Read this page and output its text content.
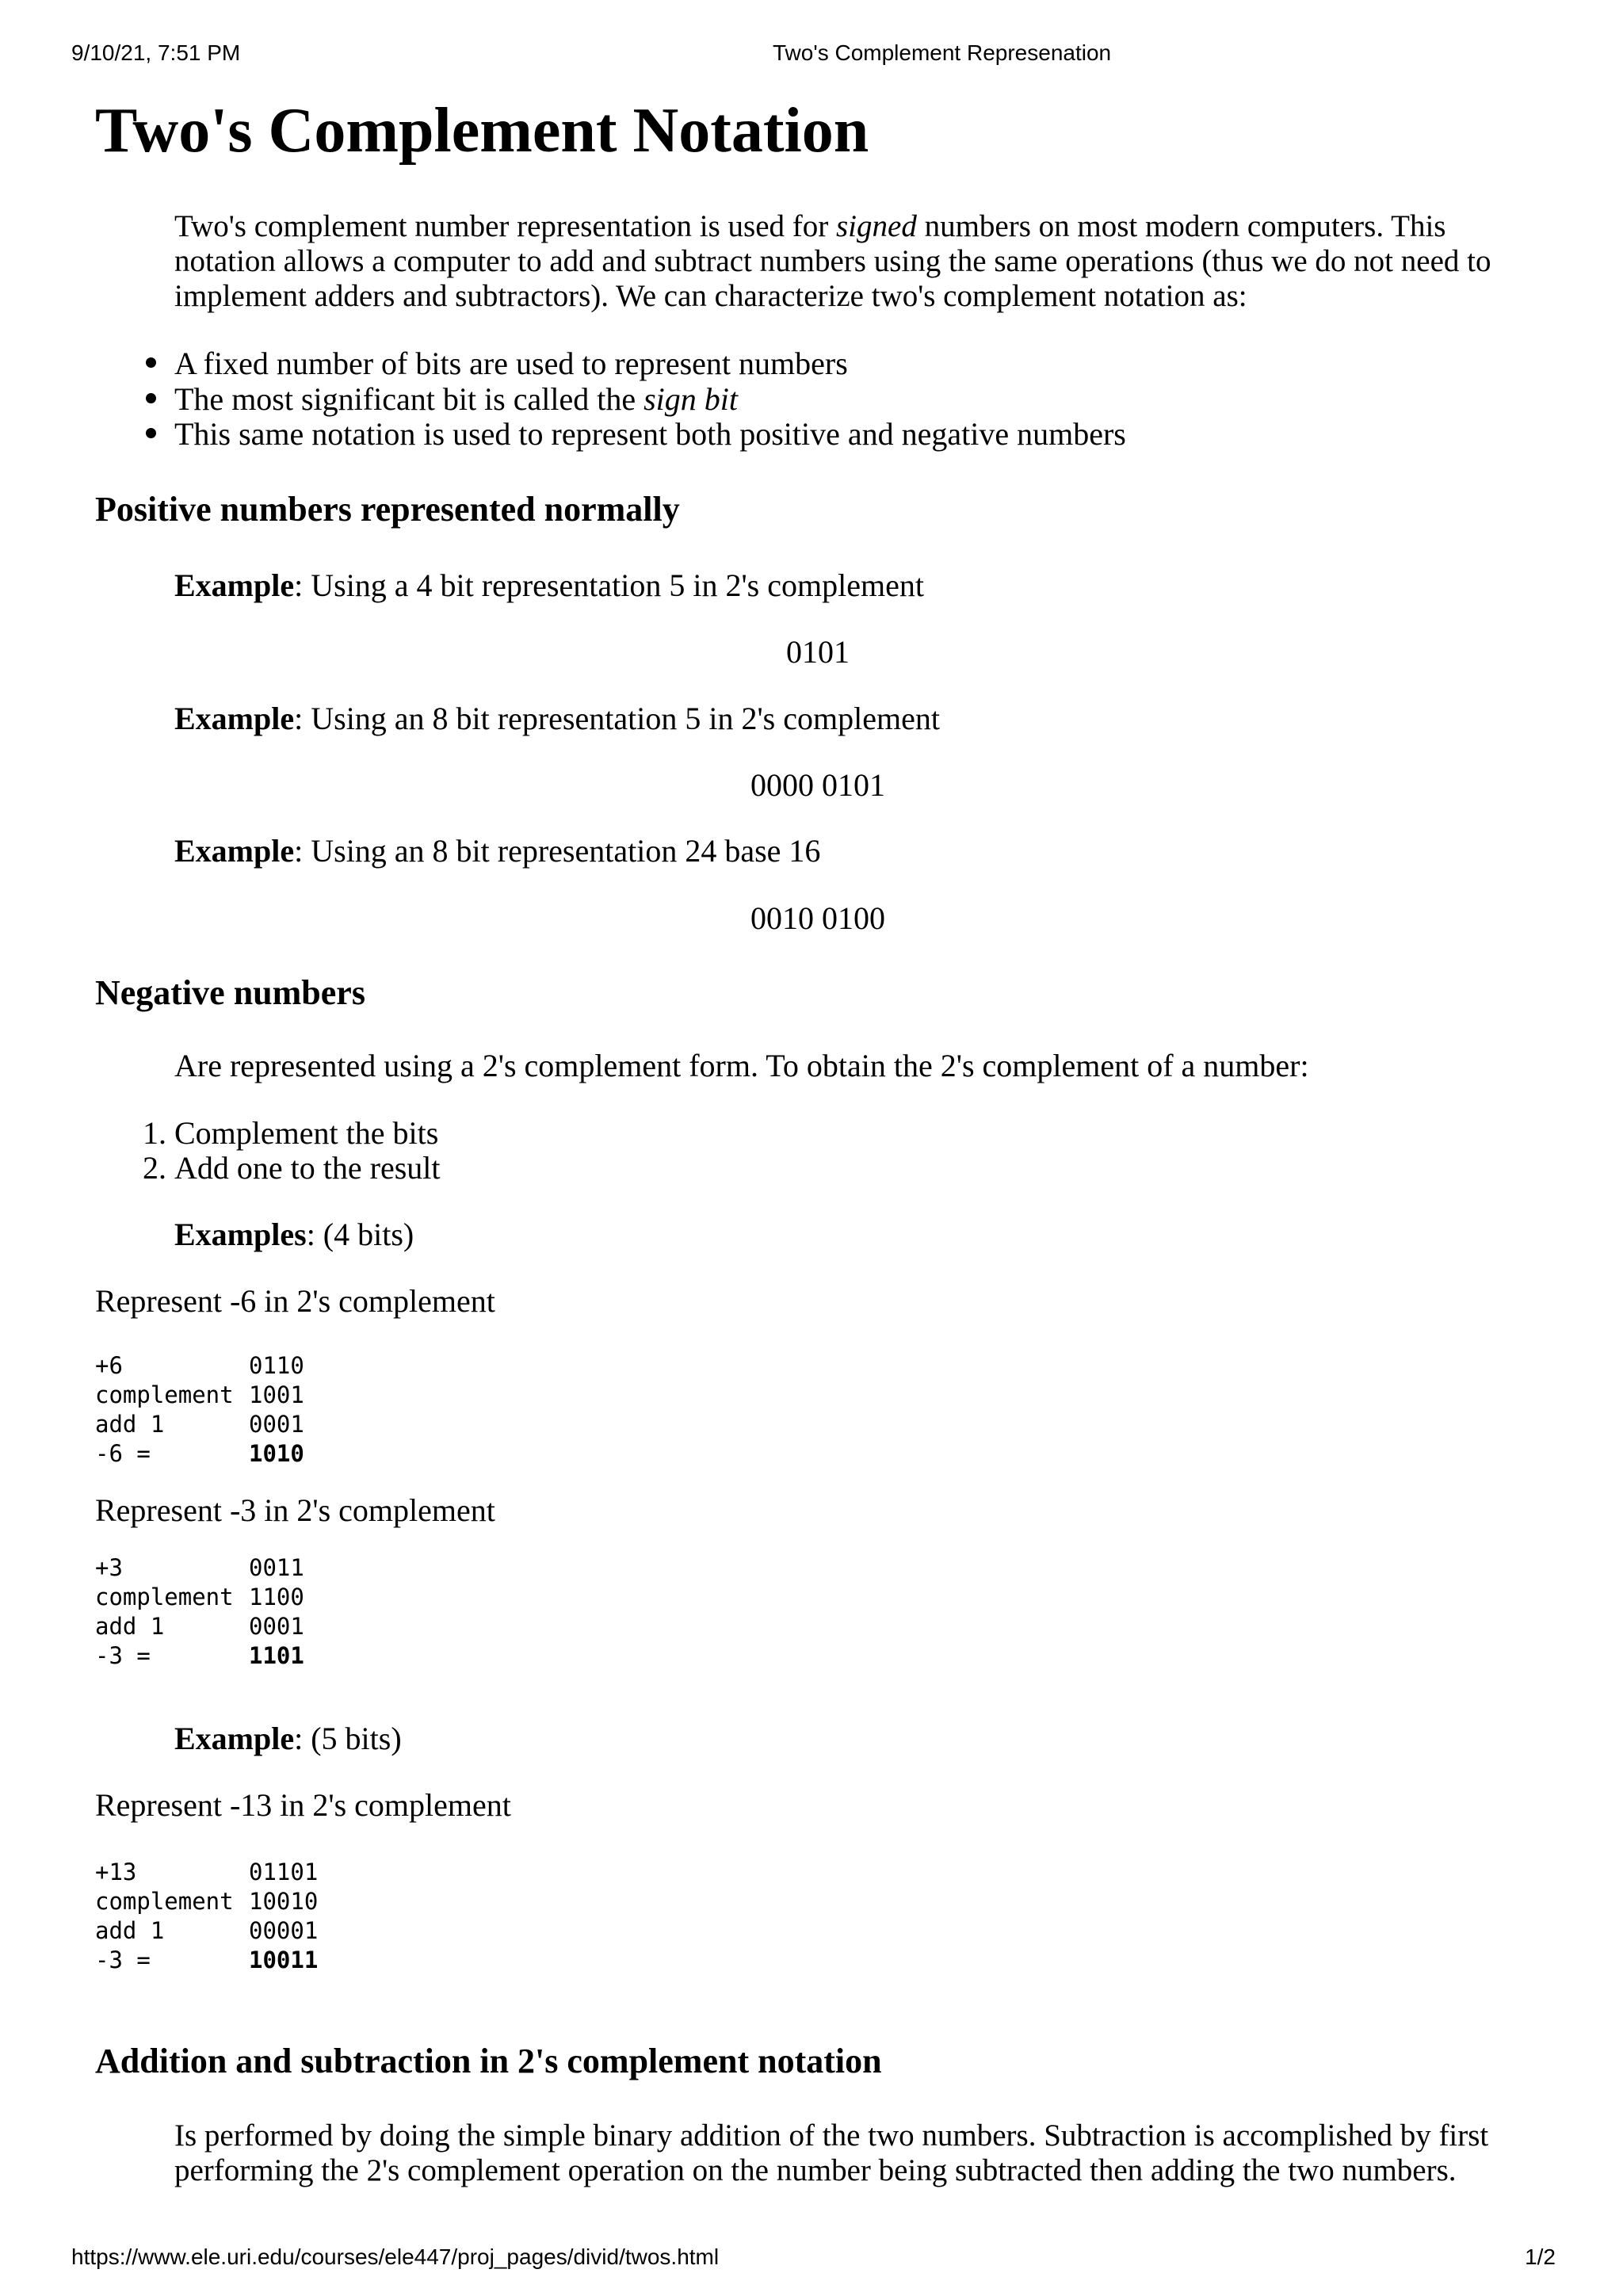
9/10/21, 7:51 PM	Two's Complement Represenation
https://www.ele.uri.edu/courses/ele447/proj_pages/divid/twos.html	1/2
Two's Complement Notation
Two's complement number representation is used for signed numbers on most modern computers. This notation allows a computer to add and subtract numbers using the same operations (thus we do not need to implement adders and subtractors). We can characterize two's complement notation as:
A fixed number of bits are used to represent numbers
The most significant bit is called the sign bit
This same notation is used to represent both positive and negative numbers
Positive numbers represented normally
Example: Using a 4 bit representation 5 in 2's complement
0101
Example: Using an 8 bit representation 5 in 2's complement
0000 0101
Example: Using an 8 bit representation 24 base 16
0010 0100
Negative numbers
Are represented using a 2's complement form. To obtain the 2's complement of a number:
1. Complement the bits
2. Add one to the result
Examples: (4 bits)
Represent -6 in 2's complement
+6	0110
complement 1001
add 1	0001
-6 =	1010
Represent -3 in 2's complement
+3	0011
complement 1100
add 1	0001
-3 =	1101
Example: (5 bits)
Represent -13 in 2's complement
+13	01101
complement 10010
add 1	00001
-3 =	10011
Addition and subtraction in 2's complement notation
Is performed by doing the simple binary addition of the two numbers. Subtraction is accomplished by first performing the 2's complement operation on the number being subtracted then adding the two numbers.
